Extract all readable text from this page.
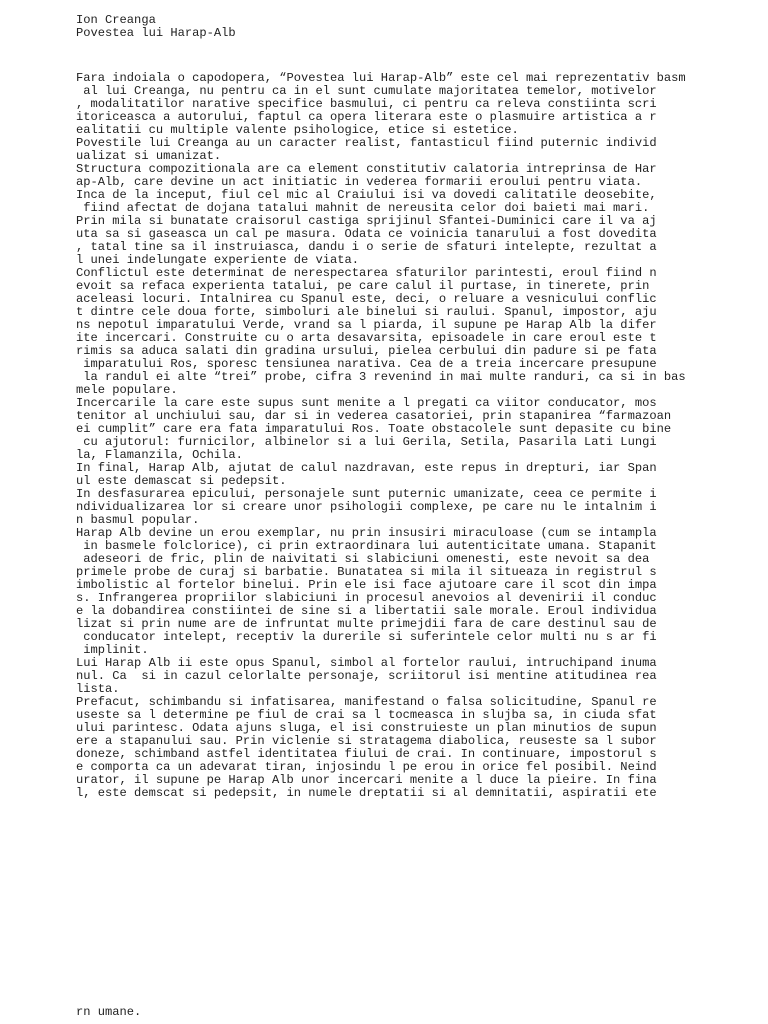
Ion Creanga
Povestea lui Harap-Alb
Fara indoiala o capodopera, “Povestea lui Harap-Alb” este cel mai reprezentativ basm
al lui Creanga, nu pentru ca in el sunt cumulate majoritatea temelor, motivelor
, modalitatilor narative specifice basmului, ci pentru ca releva constiinta scri
itoriceasca a autorului, faptul ca opera literara este o plasmuire artistica a r
ealitatii cu multiple valente psihologice, etice si estetice.
Povestile lui Creanga au un caracter realist, fantasticul fiind puternic individ
ualizat si umanizat.
Structura compozitionala are ca element constitutiv calatoria intreprinsa de Har
ap-Alb, care devine un act initiatic in vederea formarii eroului pentru viata.
Inca de la inceput, fiul cel mic al Craiului isi va dovedi calitatile deosebite,
fiind afectat de dojana tatalui mahnit de nereusita celor doi baieti mai mari.
Prin mila si bunatate craisorul castiga sprijinul Sfantei-Duminici care il va aj
uta sa si gaseasca un cal pe masura. Odata ce voinicia tanarului a fost dovedita
, tatal tine sa il instruiasca, dandu i o serie de sfaturi intelepte, rezultat a
l unei indelungate experiente de viata.
Conflictul este determinat de nerespectarea sfaturilor parintesti, eroul fiind n
evoit sa refaca experienta tatalui, pe care calul il purtase, in tinerete, prin
aceleasi locuri. Intalnirea cu Spanul este, deci, o reluare a vesnicului conflic
t dintre cele doua forte, simboluri ale binelui si raului. Spanul, impostor, aju
ns nepotul imparatului Verde, vrand sa l piarda, il supune pe Harap Alb la difer
ite incercari. Construite cu o arta desavarsita, episoadele in care eroul este t
rimis sa aduca salati din gradina ursului, pielea cerbului din padure si pe fata
imparatului Ros, sporesc tensiunea narativa. Cea de a treia incercare presupune
la randul ei alte “trei” probe, cifra 3 revenind in mai multe randuri, ca si in bas
mele populare.
Incercarile la care este supus sunt menite a l pregati ca viitor conducator, mos
tenitor al unchiului sau, dar si in vederea casatoriei, prin stapanirea “farmazoan
ei cumplit” care era fata imparatului Ros. Toate obstacolele sunt depasite cu bine
cu ajutorul: furnicilor, albinelor si a lui Gerila, Setila, Pasarila Lati Lungi
la, Flamanzila, Ochila.
In final, Harap Alb, ajutat de calul nazdravan, este repus in drepturi, iar Span
ul este demascat si pedepsit.
In desfasurarea epicului, personajele sunt puternic umanizate, ceea ce permite i
ndividualizarea lor si creare unor psihologii complexe, pe care nu le intalnim i
n basmul popular.
Harap Alb devine un erou exemplar, nu prin insusiri miraculoase (cum se intampla
in basmele folclorice), ci prin extraordinara lui autenticitate umana. Stapanit
adeseori de fric, plin de naivitati si slabiciuni omenesti, este nevoit sa dea
primele probe de curaj si barbatie. Bunatatea si mila il situeaza in registrul s
imbolistic al fortelor binelui. Prin ele isi face ajutoare care il scot din impa
s. Infrangerea propriilor slabiciuni in procesul anevoios al devenirii il conduc
e la dobandirea constiintei de sine si a libertatii sale morale. Eroul individua
lizat si prin nume are de infruntat multe primejdii fara de care destinul sau de
conducator intelept, receptiv la durerile si suferintele celor multi nu s ar fi
implinit.
Lui Harap Alb ii este opus Spanul, simbol al fortelor raului, intruchipand inuma
nul. Ca  si in cazul celorlalte personaje, scriitorul isi mentine atitudinea rea
lista.
Prefacut, schimbandu si infatisarea, manifestand o falsa solicitudine, Spanul re
useste sa l determine pe fiul de crai sa l tocmeasca in slujba sa, in ciuda sfat
ului parintesc. Odata ajuns sluga, el isi construieste un plan minutios de supun
ere a stapanului sau. Prin viclenie si stratagema diabolica, reuseste sa l subor
doneze, schimband astfel identitatea fiului de crai. In continuare, impostorul s
e comporta ca un adevarat tiran, injosindu l pe erou in orice fel posibil. Neind
urator, il supune pe Harap Alb unor incercari menite a l duce la pieire. In fina
l, este demscat si pedepsit, in numele dreptatii si al demnitatii, aspiratii ete
rn umane.
